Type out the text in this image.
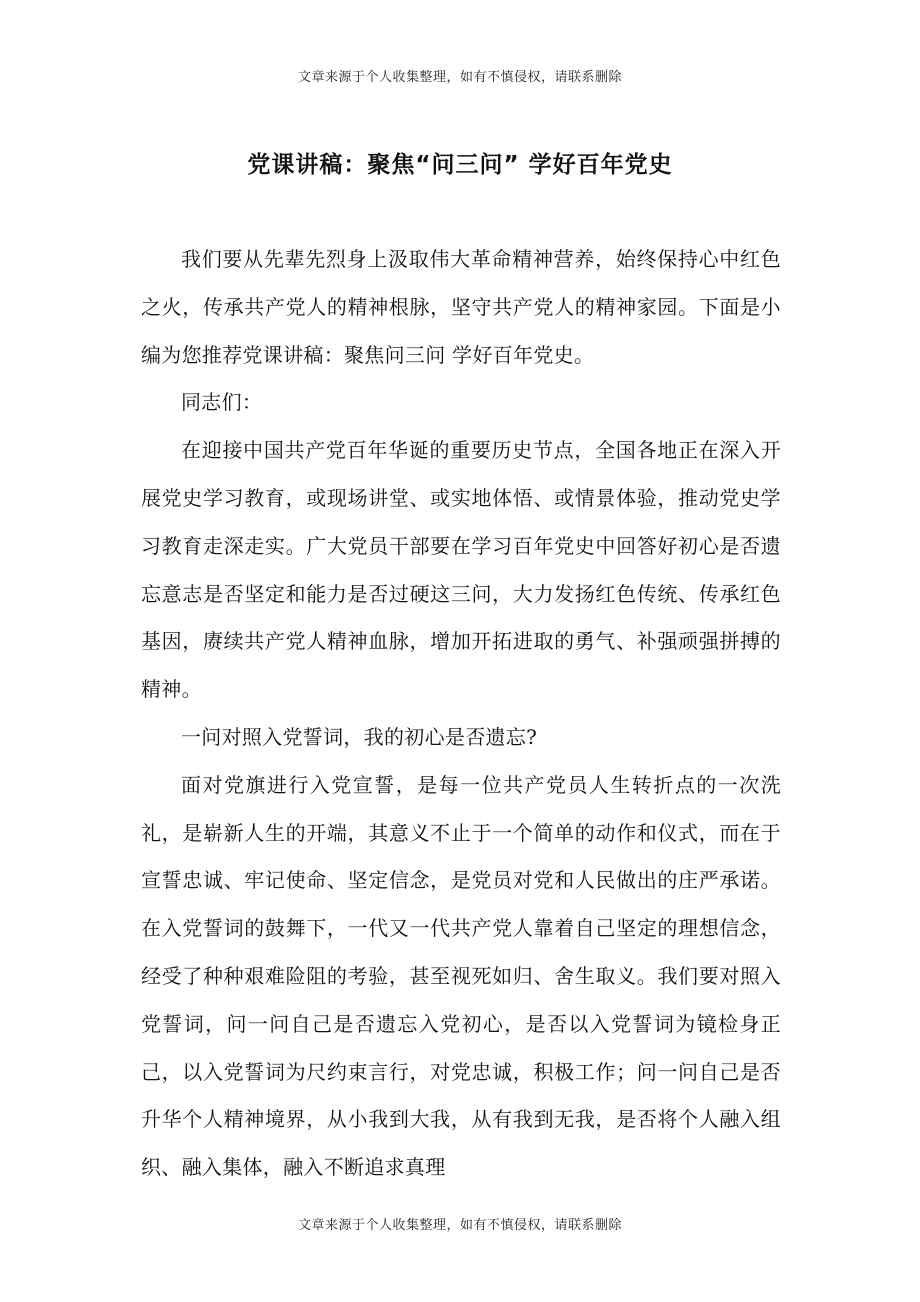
文章来源于个人收集整理，如有不慎侵权，请联系删除
党课讲稿：聚焦“问三问” 学好百年党史

我们要从先辈先烈身上汲取伟大革命精神营养，始终保持心中红色之火，传承共产党人的精神根脉，坚守共产党人的精神家园。下面是小编为您推荐党课讲稿：聚焦问三问 学好百年党史。

同志们：

在迎接中国共产党百年华诞的重要历史节点，全国各地正在深入开展党史学习教育，或现场讲堂、或实地体悟、或情景体验，推动党史学习教育走深走实。广大党员干部要在学习百年党史中回答好初心是否遗忘意志是否坚定和能力是否过硬这三问，大力发扬红色传统、传承红色基因，赓续共产党人精神血脉，增加开拓进取的勇气、补强顽强拼搏的精神。

一问对照入党誓词，我的初心是否遗忘?

面对党旗进行入党宣誓，是每一位共产党员人生转折点的一次洗礼，是崭新人生的开端，其意义不止于一个简单的动作和仪式，而在于宣誓忠诚、牢记使命、坚定信念，是党员对党和人民做出的庄严承诺。在入党誓词的鼓舞下，一代又一代共产党人靠着自己坚定的理想信念，经受了种种艰难险阻的考验，甚至视死如归、舍生取义。我们要对照入党誓词，问一问自己是否遗忘入党初心，是否以入党誓词为镜检身正己，以入党誓词为尺约束言行，对党忠诚，积极工作；问一问自己是否升华个人精神境界，从小我到大我，从有我到无我，是否将个人融入组织、融入集体，融入不断追求真理

文章来源于个人收集整理，如有不慎侵权，请联系删除
